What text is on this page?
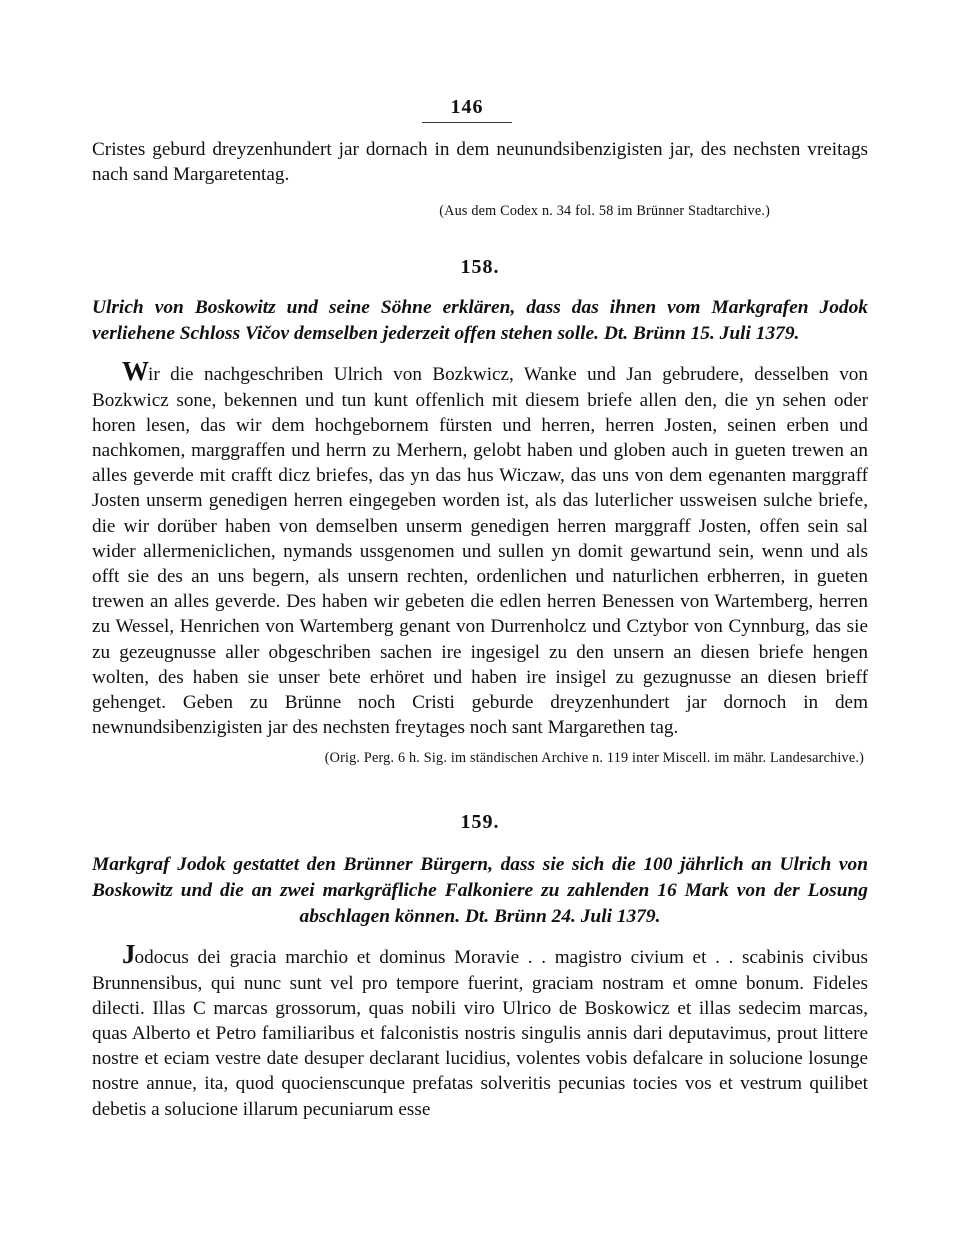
146

Cristes geburd dreyzenhundert jar dornach in dem neunundsibenzigisten jar, des nechsten vreitags nach sand Margaretentag.

(Aus dem Codex n. 34 fol. 58 im Brünner Stadtarchive.)

158.

Ulrich von Boskowitz und seine Söhne erklären, dass das ihnen vom Markgrafen Jodok verliehene Schloss Vičov demselben jederzeit offen stehen solle. Dt. Brünn 15. Juli 1379.

Wir die nachgeschriben Ulrich von Bozkwicz, Wanke und Jan gebrudere, desselben von Bozkwicz sone, bekennen und tun kunt offenlich mit diesem briefe allen den, die yn sehen oder horen lesen, das wir dem hochgebornem fürsten und herren, herren Josten, seinen erben und nachkomen, marggraffen und herrn zu Merhern, gelobt haben und globen auch in gueten trewen an alles geverde mit crafft dicz briefes, das yn das hus Wiczaw, das uns von dem egenanten marggraff Josten unserm genedigen herren eingegeben worden ist, als das luterlicher ussweisen sulche briefe, die wir dorüber haben von demselben unserm genedigen herren marggraff Josten, offen sein sal wider allermeniclichen, nymands ussgenomen und sullen yn domit gewartund sein, wenn und als offt sie des an uns begern, als unsern rechten, ordenlichen und naturlichen erbherren, in gueten trewen an alles geverde. Des haben wir gebeten die edlen herren Benessen von Wartemberg, herren zu Wessel, Henrichen von Wartemberg genant von Durrenholcz und Cztybor von Cynnburg, das sie zu gezeugnusse aller obgeschriben sachen ire ingesigel zu den unsern an diesen briefe hengen wolten, des haben sie unser bete erhöret und haben ire insigel zu gezugnusse an diesen brieff gehenget. Geben zu Brünne noch Cristi geburde dreyzenhundert jar dornoch in dem newnundsibenzigisten jar des nechsten freytages noch sant Margarethen tag.

(Orig. Perg. 6 h. Sig. im ständischen Archive n. 119 inter Miscell. im mähr. Landesarchive.)

159.

Markgraf Jodok gestattet den Brünner Bürgern, dass sie sich die 100 jährlich an Ulrich von Boskowitz und die an zwei markgräfliche Falkoniere zu zahlenden 16 Mark von der Losung abschlagen können. Dt. Brünn 24. Juli 1379.

Jodocus dei gracia marchio et dominus Moravie . . magistro civium et . . scabinis civibus Brunnensibus, qui nunc sunt vel pro tempore fuerint, graciam nostram et omne bonum. Fideles dilecti. Illas C marcas grossorum, quas nobili viro Ulrico de Boskowicz et illas sedecim marcas, quas Alberto et Petro familiaribus et falconistis nostris singulis annis dari deputavimus, prout littere nostre et eciam vestre date desuper declarant lucidius, volentes vobis defalcare in solucione losunge nostre annue, ita, quod quocienscunque prefatas solveritis pecunias tocies vos et vestrum quilibet debetis a solucione illarum pecuniarum esse
